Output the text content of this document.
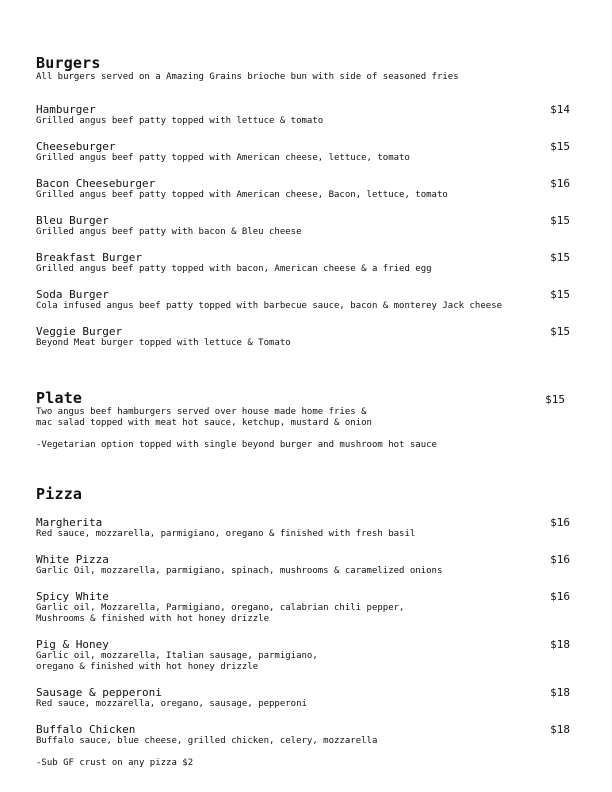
Burgers

All burgers served on a Amazing Grains brioche bun with side of seasoned fries

Hamburger	$14
Grilled angus beef patty topped with lettuce & tomato
Cheeseburger	$15
Grilled angus beef patty topped with American cheese, lettuce, tomato
Bacon Cheeseburger	$16
Grilled angus beef patty topped with American cheese, Bacon, lettuce, tomato
Bleu Burger	$15
Grilled angus beef patty with bacon & Bleu cheese
Breakfast Burger	$15
Grilled angus beef patty topped with bacon, American cheese & a fried egg
Soda Burger	$15
Cola infused angus beef patty topped with barbecue sauce, bacon & monterey Jack cheese
Veggie Burger	$15
Beyond Meat burger topped with lettuce & Tomato
Plate	$15
Two angus beef hamburgers served over house made home fries &
mac salad topped with meat hot sauce, ketchup, mustard & onion
-Vegetarian option topped with single beyond burger and mushroom hot sauce
Pizza
Margherita	$16
Red sauce, mozzarella, parmigiano, oregano & finished with fresh basil
White Pizza	$16
Garlic Oil, mozzarella, parmigiano, spinach, mushrooms & caramelized onions
Spicy White	$16
Garlic oil, Mozzarella, Parmigiano, oregano, calabrian chili pepper,
Mushrooms & finished with hot honey drizzle
Pig & Honey	$18
Garlic oil, mozzarella, Italian sausage, parmigiano,
oregano & finished with hot honey drizzle
Sausage & pepperoni	$18
Red sauce, mozzarella, oregano, sausage, pepperoni
Buffalo Chicken	$18
Buffalo sauce, blue cheese, grilled chicken, celery, mozzarella
-Sub GF crust on any pizza $2
